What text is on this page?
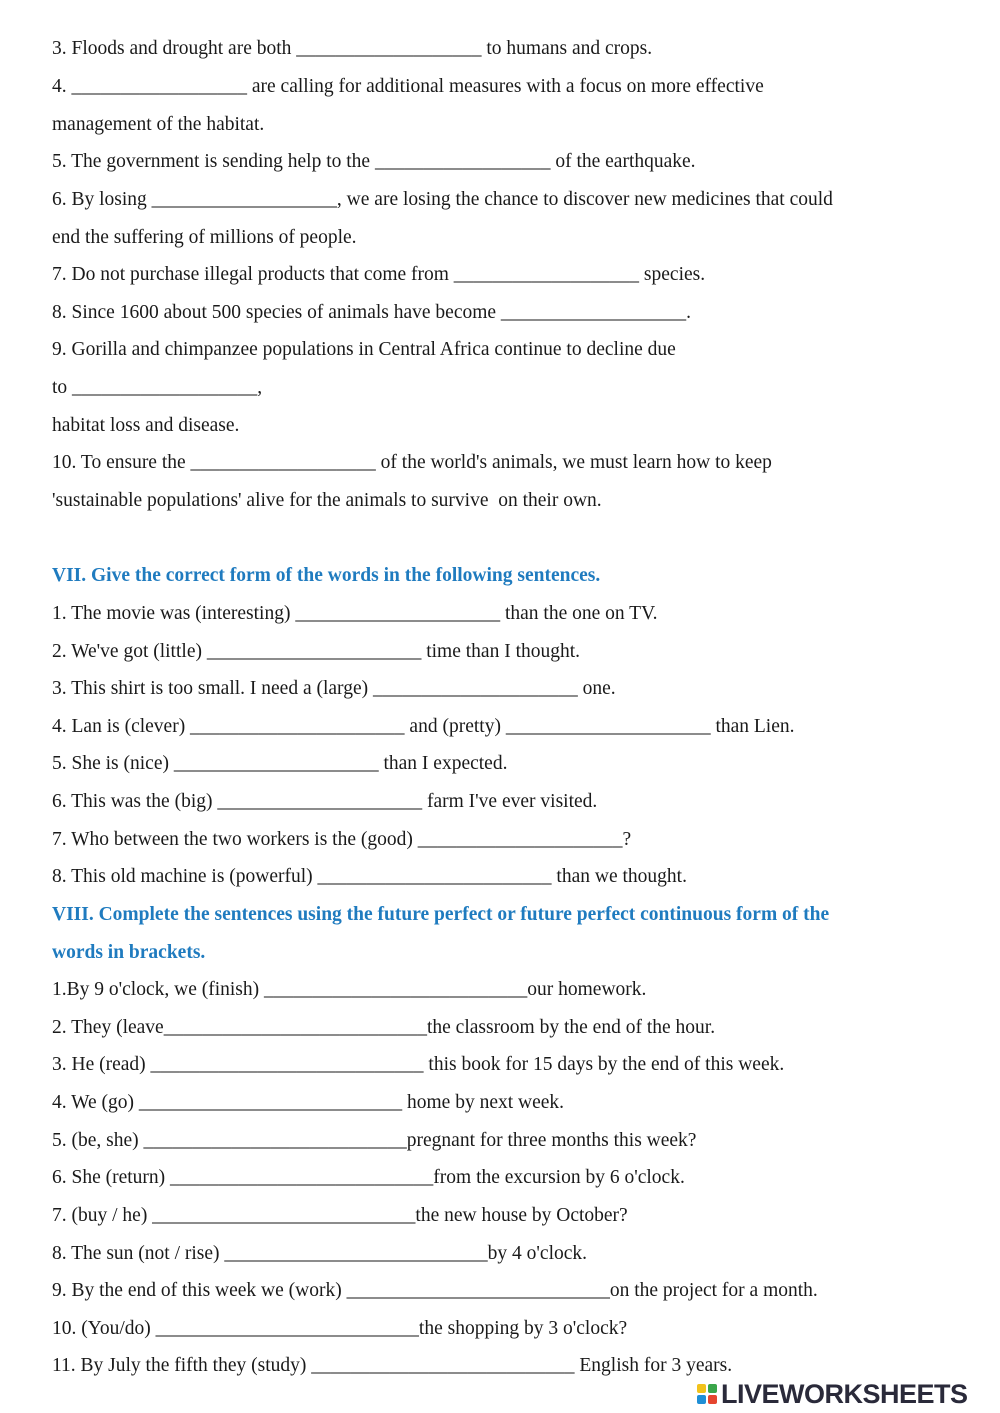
3. Floods and drought are both ___________________ to humans and crops.

4. __________________ are calling for additional measures with a focus on more effective

management of the habitat.

5. The government is sending help to the __________________ of the earthquake.

6. By losing ___________________, we are losing the chance to discover new medicines that could

end the suffering of millions of people.

7. Do not purchase illegal products that come from ___________________ species.

8. Since 1600 about 500 species of animals have become ___________________.

9. Gorilla and chimpanzee populations in Central Africa continue to decline due

to ___________________,

habitat loss and disease.

10. To ensure the ___________________ of the world's animals, we must learn how to keep

'sustainable populations' alive for the animals to survive  on their own.

VII. Give the correct form of the words in the following sentences.

1. The movie was (interesting) _____________________ than the one on TV.

2. We've got (little) ______________________ time than I thought.

3. This shirt is too small. I need a (large) _____________________ one.

4. Lan is (clever) ______________________ and (pretty) _____________________ than Lien.

5. She is (nice) _____________________ than I expected.

6. This was the (big) _____________________ farm I've ever visited.

7. Who between the two workers is the (good) _____________________?

8. This old machine is (powerful) ________________________ than we thought.

VIII. Complete the sentences using the future perfect or future perfect continuous form of the

words in brackets.

1.By 9 o'clock, we (finish) ___________________________our homework.

2. They (leave___________________________the classroom by the end of the hour.

3. He (read) ____________________________ this book for 15 days by the end of this week.

4. We (go) ___________________________ home by next week.

5. (be, she) ___________________________pregnant for three months this week?

6. She (return) ___________________________from the excursion by 6 o'clock.

7. (buy / he) ___________________________the new house by October?

8. The sun (not / rise) ___________________________by 4 o'clock.

9. By the end of this week we (work) ___________________________on the project for a month.

10. (You/do) ___________________________the shopping by 3 o'clock?

11. By July the fifth they (study) ___________________________ English for 3 years.

LIVEWORKSHEETS
